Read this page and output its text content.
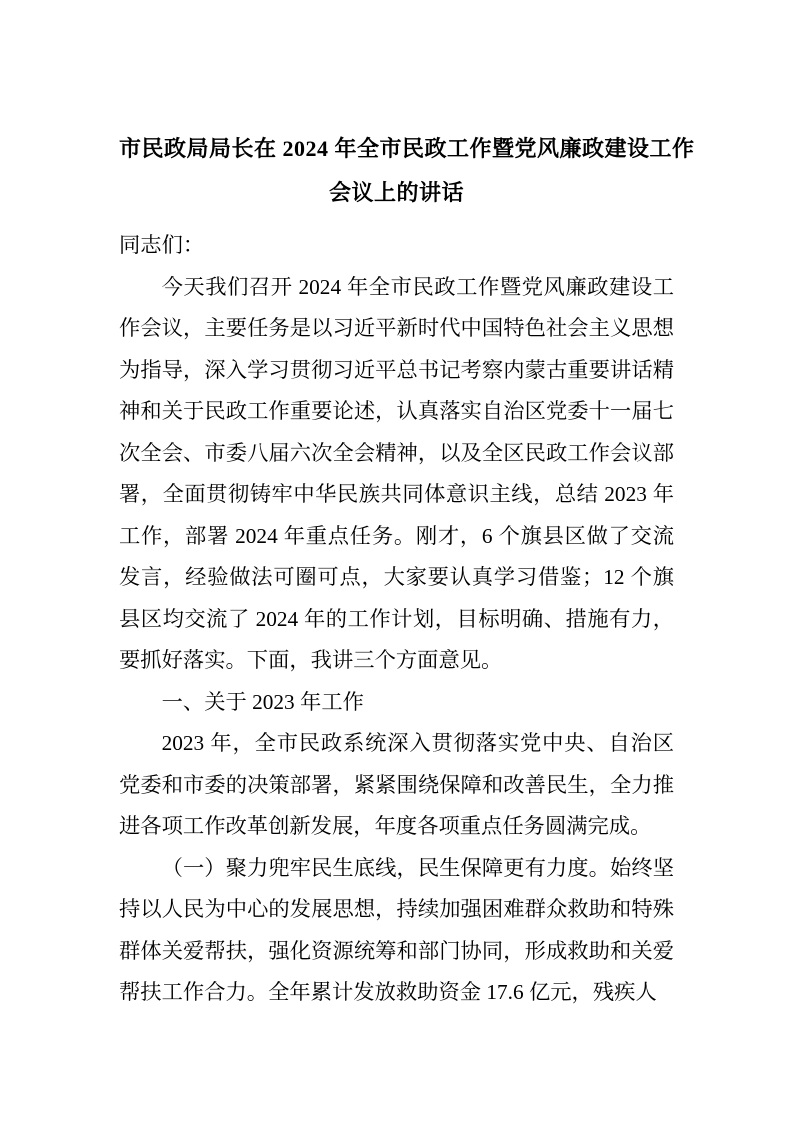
市民政局局长在 2024 年全市民政工作暨党风廉政建设工作
会议上的讲话

同志们：

今天我们召开 2024 年全市民政工作暨党风廉政建设工作会议，主要任务是以习近平新时代中国特色社会主义思想为指导，深入学习贯彻习近平总书记考察内蒙古重要讲话精神和关于民政工作重要论述，认真落实自治区党委十一届七次全会、市委八届六次全会精神，以及全区民政工作会议部署，全面贯彻铸牢中华民族共同体意识主线，总结 2023 年工作，部署 2024 年重点任务。刚才，6 个旗县区做了交流发言，经验做法可圈可点，大家要认真学习借鉴；12 个旗县区均交流了 2024 年的工作计划，目标明确、措施有力，要抓好落实。下面，我讲三个方面意见。

一、关于 2023 年工作

2023 年，全市民政系统深入贯彻落实党中央、自治区党委和市委的决策部署，紧紧围绕保障和改善民生，全力推进各项工作改革创新发展，年度各项重点任务圆满完成。

（一）聚力兜牢民生底线，民生保障更有力度。始终坚持以人民为中心的发展思想，持续加强困难群众救助和特殊群体关爱帮扶，强化资源统筹和部门协同，形成救助和关爱帮扶工作合力。全年累计发放救助资金 17.6 亿元，残疾人
